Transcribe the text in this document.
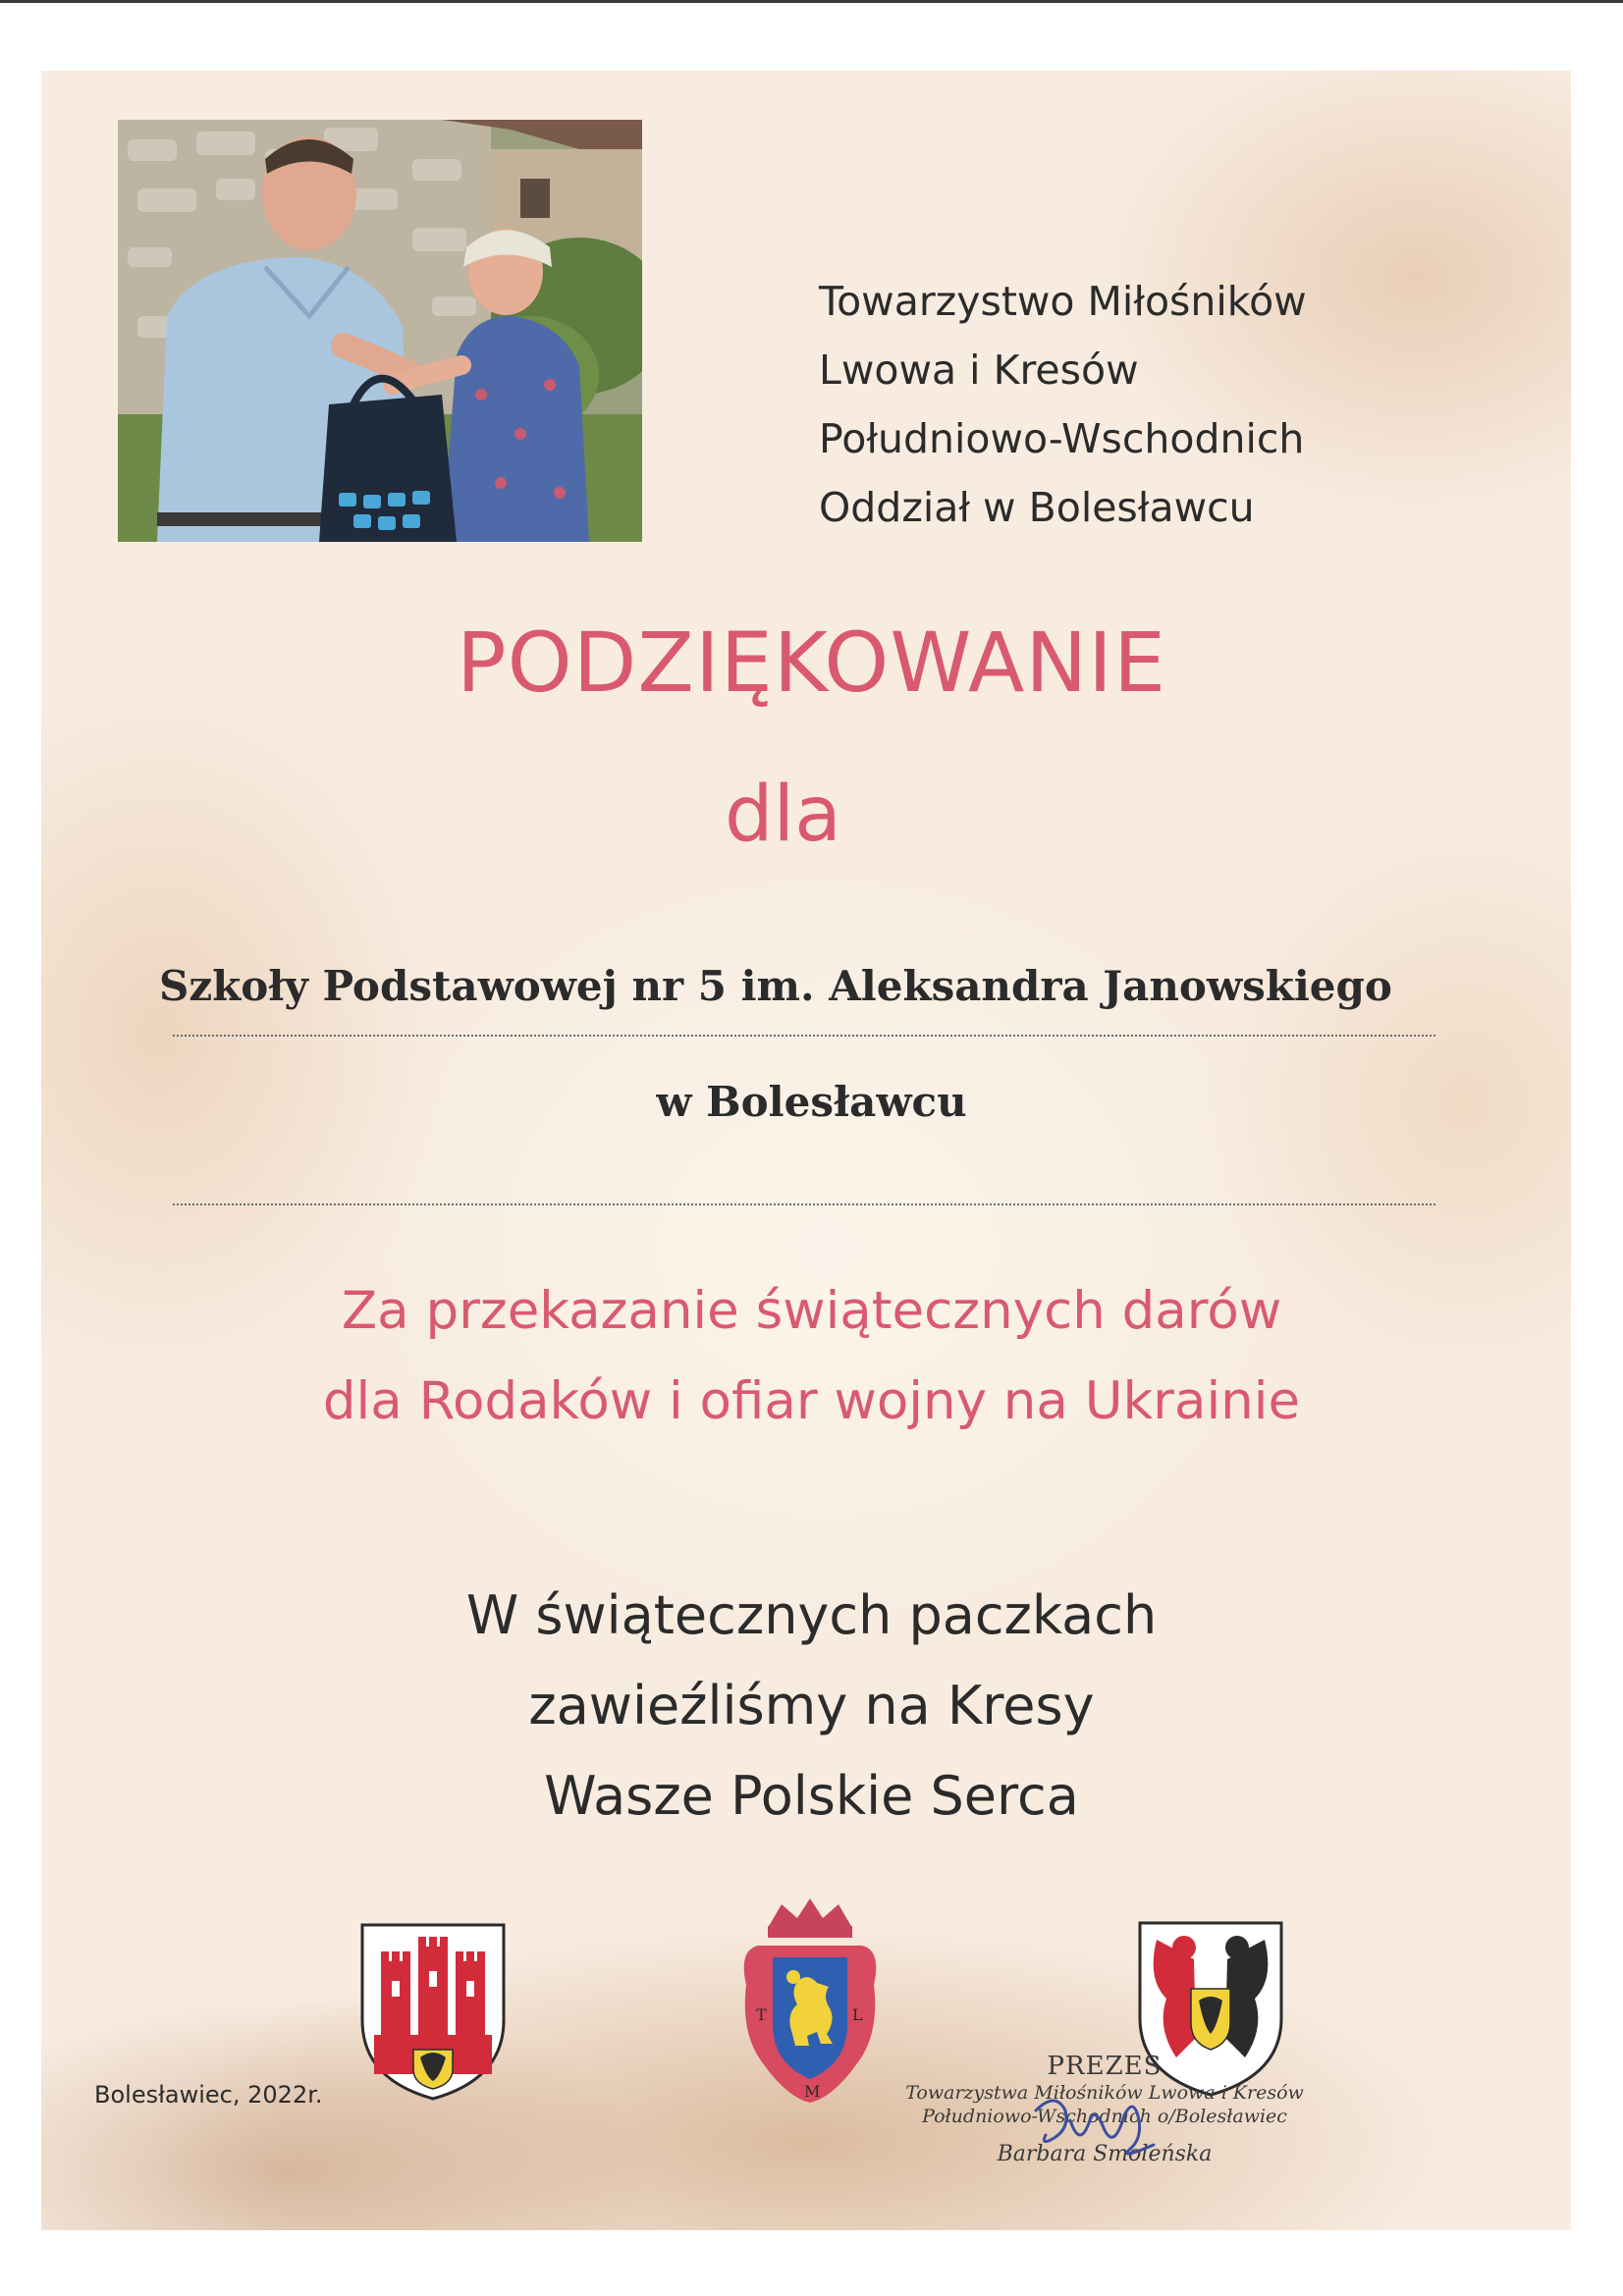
Towarzystwo Miłośników
Lwowa i Kresów
Południowo-Wschodnich
Oddział w Bolesławcu
PODZIĘKOWANIE
dla
Szkoły Podstawowej nr 5 im. Aleksandra Janowskiego
w Bolesławcu
Za przekazanie świątecznych darów
dla Rodaków i ofiar wojny na Ukrainie
W świątecznych paczkach
zawieźliśmy na Kresy
Wasze Polskie Serca
T	L
M
Bolesławiec, 2022r.
PREZES
Towarzystwa Miłośników Lwowa i Kresów
Południowo-Wschodnich o/Bolesławiec
Barbara Smoleńska
